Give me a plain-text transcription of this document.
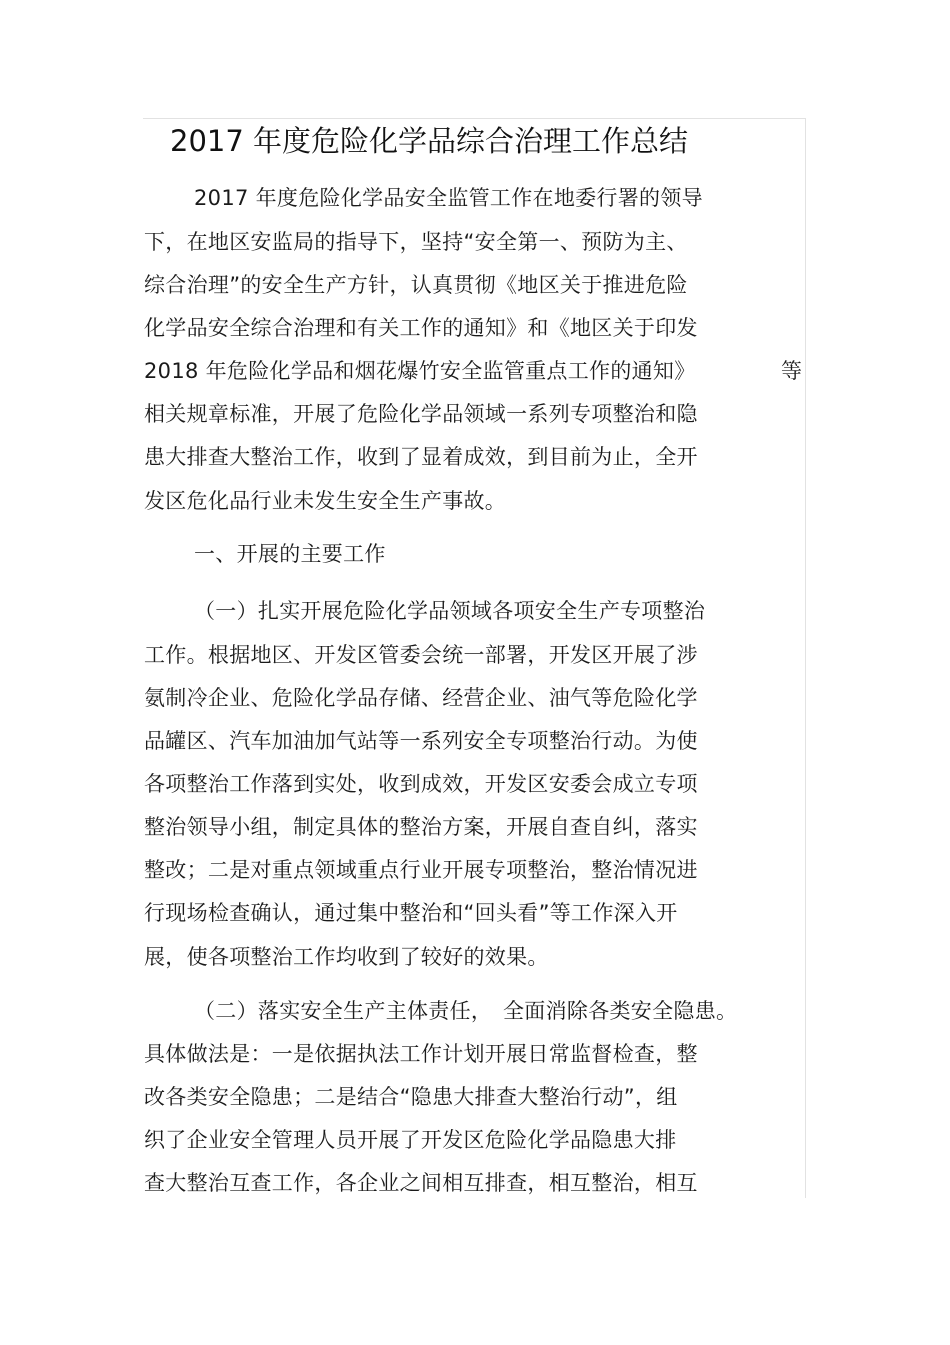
2017 年度危险化学品综合治理工作总结
2017 年度危险化学品安全监管工作在地委行署的领导
下，在地区安监局的指导下，坚持“安全第一、预防为主、
综合治理”的安全生产方针，认真贯彻《地区关于推进危险
化学品安全综合治理和有关工作的通知》和《地区关于印发
2018 年危险化学品和烟花爆竹安全监管重点工作的通知》	等
相关规章标准，开展了危险化学品领域一系列专项整治和隐
患大排查大整治工作，收到了显着成效，到目前为止，全开
发区危化品行业未发生安全生产事故。
一、开展的主要工作
（一）扎实开展危险化学品领域各项安全生产专项整治
工作。根据地区、开发区管委会统一部署，开发区开展了涉
氨制冷企业、危险化学品存储、经营企业、油气等危险化学
品罐区、汽车加油加气站等一系列安全专项整治行动。为使
各项整治工作落到实处，收到成效，开发区安委会成立专项
整治领导小组，制定具体的整治方案，开展自查自纠，落实
整改；二是对重点领域重点行业开展专项整治，整治情况进
行现场检查确认，通过集中整治和“回头看”等工作深入开
展，使各项整治工作均收到了较好的效果。
（二）落实安全生产主体责任，　全面消除各类安全隐患。
具体做法是：一是依据执法工作计划开展日常监督检查，整
改各类安全隐患；二是结合“隐患大排查大整治行动”，组
织了企业安全管理人员开展了开发区危险化学品隐患大排
查大整治互查工作，各企业之间相互排查，相互整治，相互
